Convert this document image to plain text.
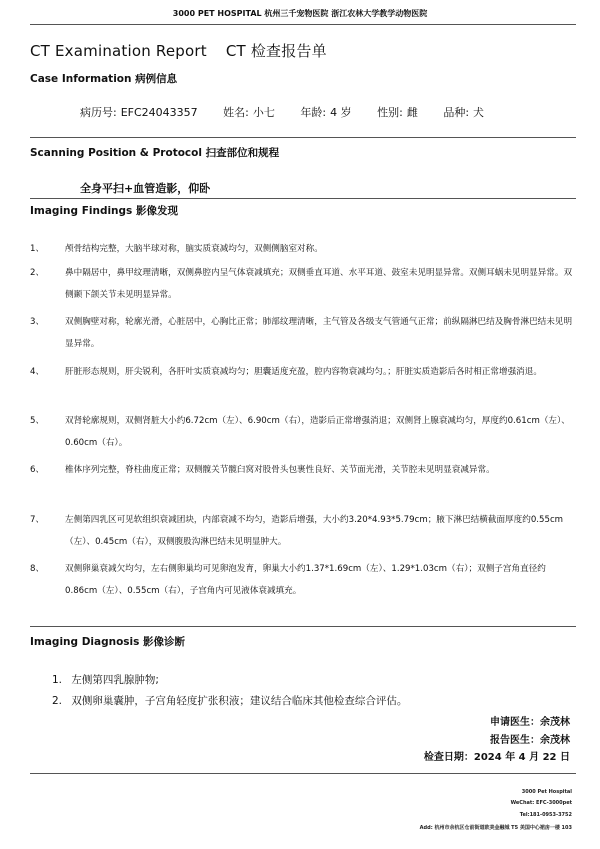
3000 PET HOSPITAL 杭州三千宠物医院 浙江农林大学教学动物医院
CT Examination Report CT 检查报告单
Case Information 病例信息
病历号: EFC24043357 姓名: 小七 年龄: 4 岁 性别: 雌 品种: 犬
Scanning Position & Protocol 扫查部位和规程
全身平扫+血管造影，仰卧
Imaging Findings 影像发现
1、	颅骨结构完整，大脑半球对称，脑实质衰减均匀，双侧侧脑室对称。
2、	鼻中隔居中，鼻甲纹理清晰，双侧鼻腔内呈气体衰减填充；双侧垂直耳道、水平耳道、鼓室未见明显异常。双侧耳蜗未见明显异常。双侧颞下颌关节未见明显异常。
3、	双侧胸壁对称，轮廓光滑，心脏居中，心胸比正常；肺部纹理清晰，主气管及各级支气管通气正常；前纵隔淋巴结及胸骨淋巴结未见明显异常。
4、	肝脏形态规则，肝尖锐利，各肝叶实质衰减均匀；胆囊适度充盈，腔内容物衰减均匀。；肝脏实质造影后各时相正常增强消退。
5、	双肾轮廓规则，双侧肾脏大小约6.72cm（左）、6.90cm（右），造影后正常增强消退；双侧肾上腺衰减均匀，厚度约0.61cm（左）、0.60cm（右）。
6、	椎体序列完整，脊柱曲度正常；双侧髋关节髋臼窝对股骨头包裹性良好、关节面光滑，关节腔未见明显衰减异常。
7、	左侧第四乳区可见软组织衰减团块，内部衰减不均匀，造影后增强，大小约3.20*4.93*5.79cm；腋下淋巴结横截面厚度约0.55cm（左）、0.45cm（右），双侧腹股沟淋巴结未见明显肿大。
8、	双侧卵巢衰减欠均匀，左右侧卵巢均可见卵泡发育，卵巢大小约1.37*1.69cm（左）、1.29*1.03cm（右）；双侧子宫角直径约0.86cm（左）、0.55cm（右），子宫角内可见液体衰减填充。
Imaging Diagnosis 影像诊断
1. 左侧第四乳腺肿物;
2. 双侧卵巢囊肿，子宫角轻度扩张积液；建议结合临床其他检查综合评估。
申请医生：余茂林
报告医生：余茂林
检查日期：2024 年 4 月 22 日
3000 Pet Hospital
WeChat: EFC-3000pet
Tel:181-0953-3752
Add: 杭州市余杭区仓前街道欧美金融城 T5 美国中心裙房一楼 103
